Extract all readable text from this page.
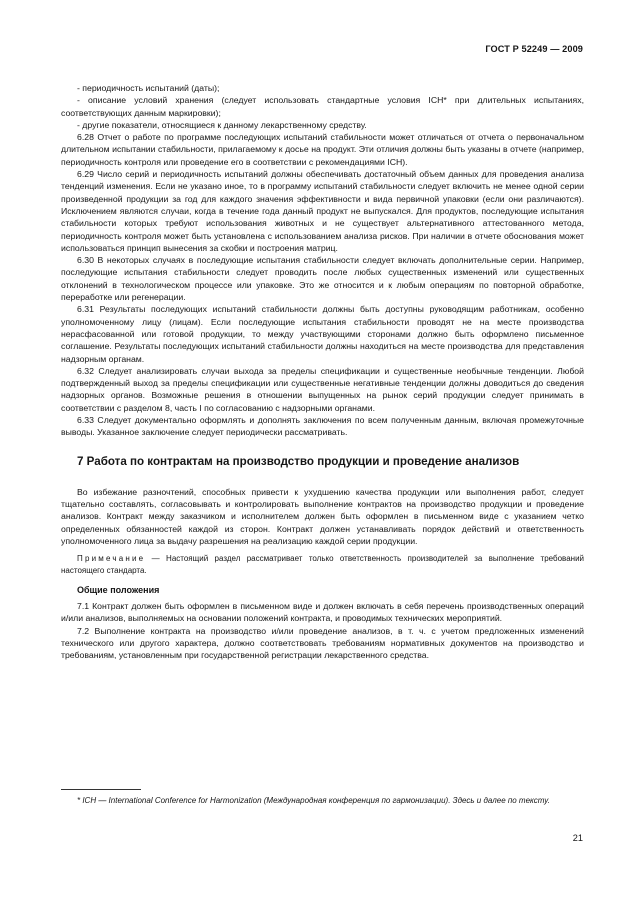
ГОСТ Р 52249 — 2009

- периодичность испытаний (даты);

- описание условий хранения (следует использовать стандартные условия ICH* при длительных испытаниях, соответствующих данным маркировки);

- другие показатели, относящиеся к данному лекарственному средству.

6.28 Отчет о работе по программе последующих испытаний стабильности может отличаться от отчета о первоначальном длительном испытании стабильности, прилагаемому к досье на продукт. Эти отличия должны быть указаны в отчете (например, периодичность контроля или проведение его в соответствии с рекомендациями ICH).

6.29 Число серий и периодичность испытаний должны обеспечивать достаточный объем данных для проведения анализа тенденций изменения. Если не указано иное, то в программу испытаний стабильности следует включить не менее одной серии произведенной продукции за год для каждого значения эффективности и вида первичной упаковки (если они различаются). Исключением являются случаи, когда в течение года данный продукт не выпускался. Для продуктов, последующие испытания стабильности которых требуют использования животных и не существует альтернативного аттестованного метода, периодичность контроля может быть установлена с использованием анализа рисков. При наличии в отчете обоснования может использоваться принцип вынесения за скобки и построения матриц.

6.30 В некоторых случаях в последующие испытания стабильности следует включать дополнительные серии. Например, последующие испытания стабильности следует проводить после любых существенных изменений или существенных отклонений в технологическом процессе или упаковке. Это же относится и к любым операциям по повторной обработке, переработке или регенерации.

6.31 Результаты последующих испытаний стабильности должны быть доступны руководящим работникам, особенно уполномоченному лицу (лицам). Если последующие испытания стабильности проводят не на месте производства нерасфасованной или готовой продукции, то между участвующими сторонами должно быть оформлено письменное соглашение. Результаты последующих испытаний стабильности должны находиться на месте производства для представления надзорным органам.

6.32 Следует анализировать случаи выхода за пределы спецификации и существенные необычные тенденции. Любой подтвержденный выход за пределы спецификации или существенные негативные тенденции должны доводиться до сведения надзорных органов. Возможные решения в отношении выпущенных на рынок серий продукции следует принимать в соответствии с разделом 8, часть I по согласованию с надзорными органами.

6.33 Следует документально оформлять и дополнять заключения по всем полученным данным, включая промежуточные выводы. Указанное заключение следует периодически рассматривать.

7 Работа по контрактам на производство продукции и проведение анализов

Во избежание разночтений, способных привести к ухудшению качества продукции или выполнения работ, следует тщательно составлять, согласовывать и контролировать выполнение контрактов на производство продукции и проведение анализов. Контракт между заказчиком и исполнителем должен быть оформлен в письменном виде с указанием четко определенных обязанностей каждой из сторон. Контракт должен устанавливать порядок действий и ответственность уполномоченного лица за выдачу разрешения на реализацию каждой серии продукции.

Примечание — Настоящий раздел рассматривает только ответственность производителей за выполнение требований настоящего стандарта.

Общие положения

7.1 Контракт должен быть оформлен в письменном виде и должен включать в себя перечень производственных операций и/или анализов, выполняемых на основании положений контракта, и проводимых технических мероприятий.

7.2 Выполнение контракта на производство и/или проведение анализов, в т. ч. с учетом предложенных изменений технического или другого характера, должно соответствовать требованиям нормативных документов на производство и требованиям, установленным при государственной регистрации лекарственного средства.

* ICH — International Conference for Harmonization (Международная конференция по гармонизации). Здесь и далее по тексту.

21
